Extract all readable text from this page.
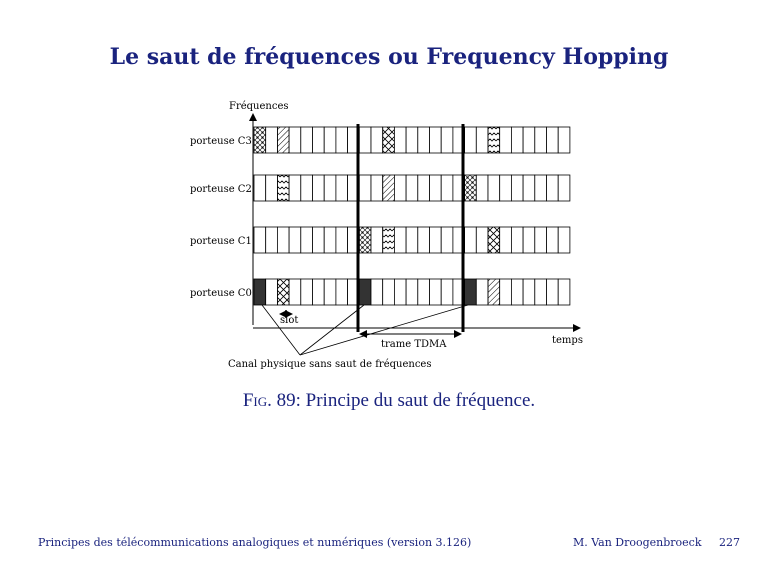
Le saut de fréquences ou Frequency Hopping
Fréquences
temps
porteuse C3
porteuse C2
porteuse C1
porteuse C0
slot
trame TDMA
Canal physique sans saut de fréquences
Fig. 89: Principe du saut de fréquence.
Principes des télécommunications analogiques et numériques (version 3.126)	M. Van Droogenbroeck 227
